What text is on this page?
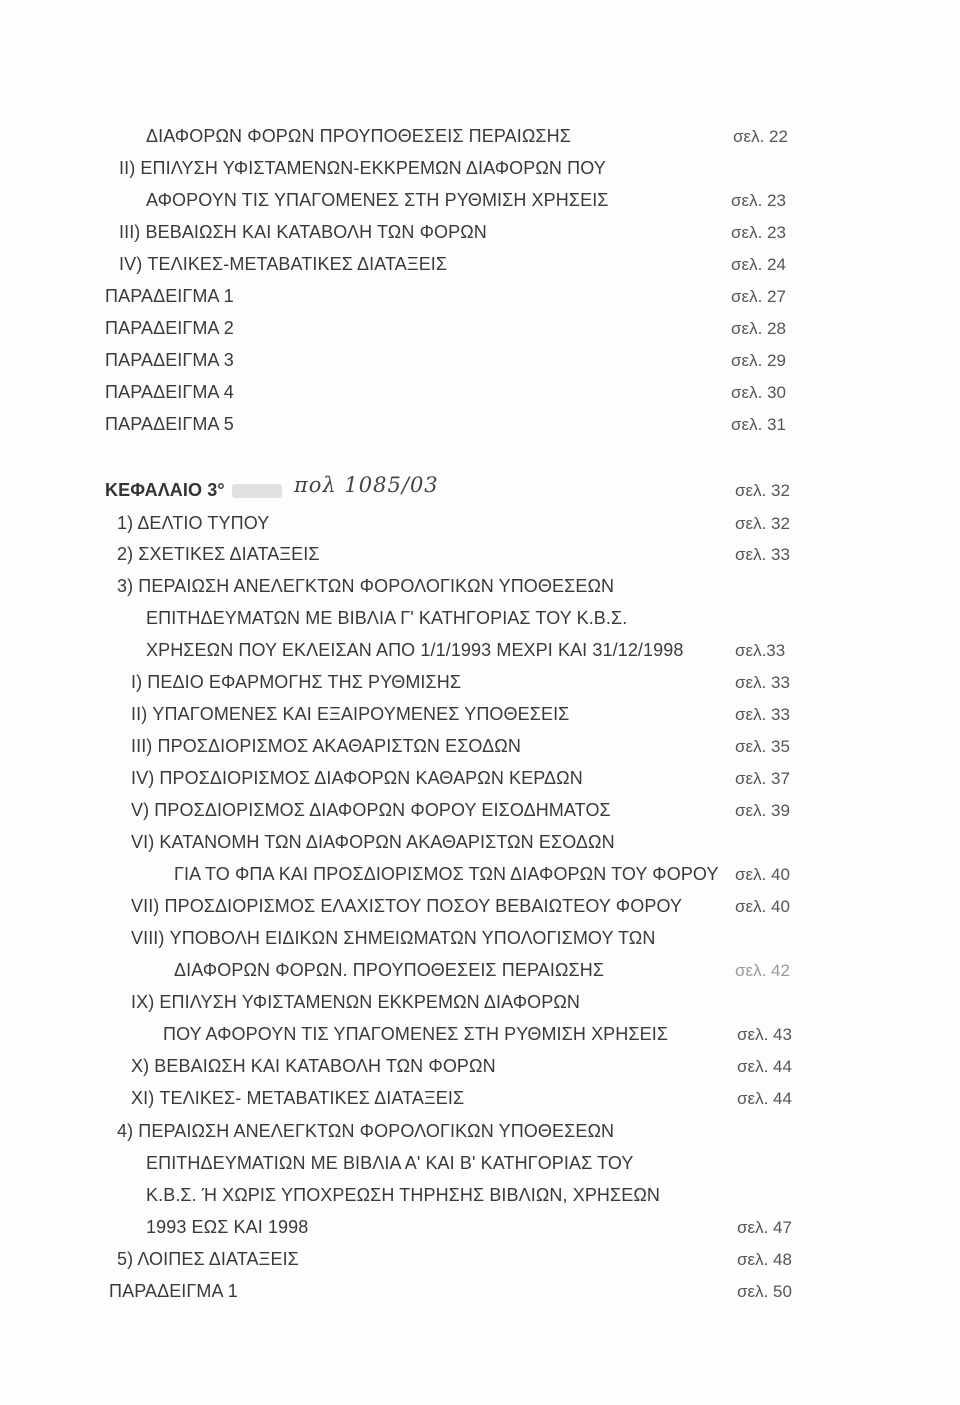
ΔΙΑΦΟΡΩΝ ΦΟΡΩΝ ΠΡΟΥΠΟΘΕΣΕΙΣ ΠΕΡΑΙΩΣΗΣ	σελ. 22
II) ΕΠΙΛΥΣΗ ΥΦΙΣΤΑΜΕΝΩΝ-ΕΚΚΡΕΜΩΝ ΔΙΑΦΟΡΩΝ ΠΟΥ
ΑΦΟΡΟΥΝ ΤΙΣ ΥΠΑΓΟΜΕΝΕΣ ΣΤΗ ΡΥΘΜΙΣΗ ΧΡΗΣΕΙΣ	σελ. 23
III) ΒΕΒΑΙΩΣΗ ΚΑΙ ΚΑΤΑΒΟΛΗ ΤΩΝ ΦΟΡΩΝ	σελ. 23
IV) ΤΕΛΙΚΕΣ-ΜΕΤΑΒΑΤΙΚΕΣ ΔΙΑΤΑΞΕΙΣ	σελ. 24
ΠΑΡΑΔΕΙΓΜΑ 1	σελ. 27
ΠΑΡΑΔΕΙΓΜΑ 2	σελ. 28
ΠΑΡΑΔΕΙΓΜΑ 3	σελ. 29
ΠΑΡΑΔΕΙΓΜΑ 4	σελ. 30
ΠΑΡΑΔΕΙΓΜΑ 5	σελ. 31
ΚΕΦΑΛΑΙΟ 3°	πολ 1085/03	σελ. 32
1) ΔΕΛΤΙΟ ΤΥΠΟΥ	σελ. 32
2) ΣΧΕΤΙΚΕΣ ΔΙΑΤΑΞΕΙΣ	σελ. 33
3) ΠΕΡΑΙΩΣΗ ΑΝΕΛΕΓΚΤΩΝ ΦΟΡΟΛΟΓΙΚΩΝ ΥΠΟΘΕΣΕΩΝ
ΕΠΙΤΗΔΕΥΜΑΤΩΝ ΜΕ ΒΙΒΛΙΑ Γ' ΚΑΤΗΓΟΡΙΑΣ ΤΟΥ Κ.Β.Σ.
ΧΡΗΣΕΩΝ ΠΟΥ ΕΚΛΕΙΣΑΝ ΑΠΟ 1/1/1993 ΜΕΧΡΙ ΚΑΙ 31/12/1998	σελ.33
I) ΠΕΔΙΟ ΕΦΑΡΜΟΓΗΣ ΤΗΣ ΡΥΘΜΙΣΗΣ	σελ. 33
II) ΥΠΑΓΟΜΕΝΕΣ ΚΑΙ ΕΞΑΙΡΟΥΜΕΝΕΣ ΥΠΟΘΕΣΕΙΣ	σελ. 33
III) ΠΡΟΣΔΙΟΡΙΣΜΟΣ ΑΚΑΘΑΡΙΣΤΩΝ ΕΣΟΔΩΝ	σελ. 35
IV) ΠΡΟΣΔΙΟΡΙΣΜΟΣ ΔΙΑΦΟΡΩΝ ΚΑΘΑΡΩΝ ΚΕΡΔΩΝ	σελ. 37
V) ΠΡΟΣΔΙΟΡΙΣΜΟΣ ΔΙΑΦΟΡΩΝ ΦΟΡΟΥ ΕΙΣΟΔΗΜΑΤΟΣ	σελ. 39
VI) ΚΑΤΑΝΟΜΗ ΤΩΝ ΔΙΑΦΟΡΩΝ ΑΚΑΘΑΡΙΣΤΩΝ ΕΣΟΔΩΝ
ΓΙΑ ΤΟ ΦΠΑ ΚΑΙ ΠΡΟΣΔΙΟΡΙΣΜΟΣ ΤΩΝ ΔΙΑΦΟΡΩΝ ΤΟΥ ΦΟΡΟΥ σελ. 40
VII) ΠΡΟΣΔΙΟΡΙΣΜΟΣ ΕΛΑΧΙΣΤΟΥ ΠΟΣΟΥ ΒΕΒΑΙΩΤΕΟΥ ΦΟΡΟΥ	σελ. 40
VIII) ΥΠΟΒΟΛΗ ΕΙΔΙΚΩΝ ΣΗΜΕΙΩΜΑΤΩΝ ΥΠΟΛΟΓΙΣΜΟΥ ΤΩΝ
ΔΙΑΦΟΡΩΝ ΦΟΡΩΝ. ΠΡΟΥΠΟΘΕΣΕΙΣ ΠΕΡΑΙΩΣΗΣ	σελ. 42
IX) ΕΠΙΛΥΣΗ ΥΦΙΣΤΑΜΕΝΩΝ ΕΚΚΡΕΜΩΝ ΔΙΑΦΟΡΩΝ
ΠΟΥ ΑΦΟΡΟΥΝ ΤΙΣ ΥΠΑΓΟΜΕΝΕΣ ΣΤΗ ΡΥΘΜΙΣΗ ΧΡΗΣΕΙΣ	σελ. 43
X) ΒΕΒΑΙΩΣΗ ΚΑΙ ΚΑΤΑΒΟΛΗ ΤΩΝ ΦΟΡΩΝ	σελ. 44
XI) ΤΕΛΙΚΕΣ- ΜΕΤΑΒΑΤΙΚΕΣ ΔΙΑΤΑΞΕΙΣ	σελ. 44
4) ΠΕΡΑΙΩΣΗ ΑΝΕΛΕΓΚΤΩΝ ΦΟΡΟΛΟΓΙΚΩΝ ΥΠΟΘΕΣΕΩΝ
ΕΠΙΤΗΔΕΥΜΑΤΙΩΝ ΜΕ ΒΙΒΛΙΑ Α' ΚΑΙ Β' ΚΑΤΗΓΟΡΙΑΣ ΤΟΥ
Κ.Β.Σ. Ή ΧΩΡΙΣ ΥΠΟΧΡΕΩΣΗ ΤΗΡΗΣΗΣ ΒΙΒΛΙΩΝ, ΧΡΗΣΕΩΝ
1993 ΕΩΣ ΚΑΙ 1998	σελ. 47
5) ΛΟΙΠΕΣ ΔΙΑΤΑΞΕΙΣ	σελ. 48
ΠΑΡΑΔΕΙΓΜΑ 1	σελ. 50
